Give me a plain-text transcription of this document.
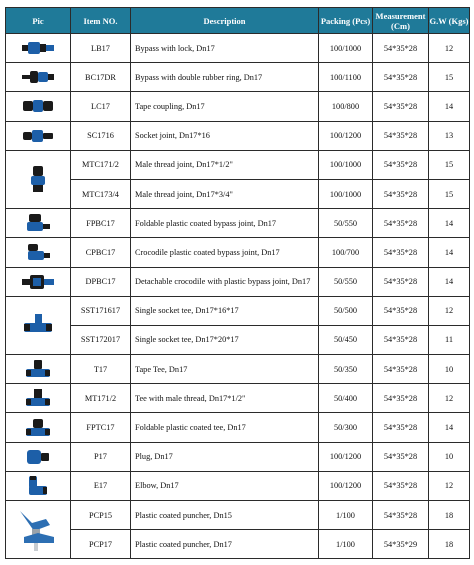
Pic	Item NO.	Description	Packing (Pcs)	Measurement (Cm)	G.W (Kgs)

	LB17	Bypass with lock, Dn17	100/1000	54*35*28	12

	BC17DR	Bypass with double rubber ring, Dn17	100/1100	54*35*28	15

	LC17	Tape coupling, Dn17	100/800	54*35*28	14

	SC1716	Socket joint, Dn17*16	100/1200	54*35*28	13

	MTC171/2	Male thread joint, Dn17*1/2"	100/1000	54*35*28	15
	MTC173/4	Male thread joint, Dn17*3/4"	100/1000	54*35*28	15

	FPBC17	Foldable plastic coated bypass joint, Dn17	50/550	54*35*28	14

	CPBC17	Crocodile plastic coated bypass joint, Dn17	100/700	54*35*28	14

	DPBC17	Detachable crocodile with plastic bypass joint, Dn17	50/550	54*35*28	14

	SST171617	Single socket tee, Dn17*16*17	50/500	54*35*28	12
	SST172017	Single socket tee, Dn17*20*17	50/450	54*35*28	11

	T17	Tape Tee, Dn17	50/350	54*35*28	10

	MT171/2	Tee with male thread, Dn17*1/2"	50/400	54*35*28	12

	FPTC17	Foldable plastic coated tee, Dn17	50/300	54*35*28	14

	P17	Plug, Dn17	100/1200	54*35*28	10

	E17	Elbow, Dn17	100/1200	54*35*28	12

	PCP15	Plastic coated puncher, Dn15	1/100	54*35*28	18
	PCP17	Plastic coated puncher, Dn17	1/100	54*35*29	18
